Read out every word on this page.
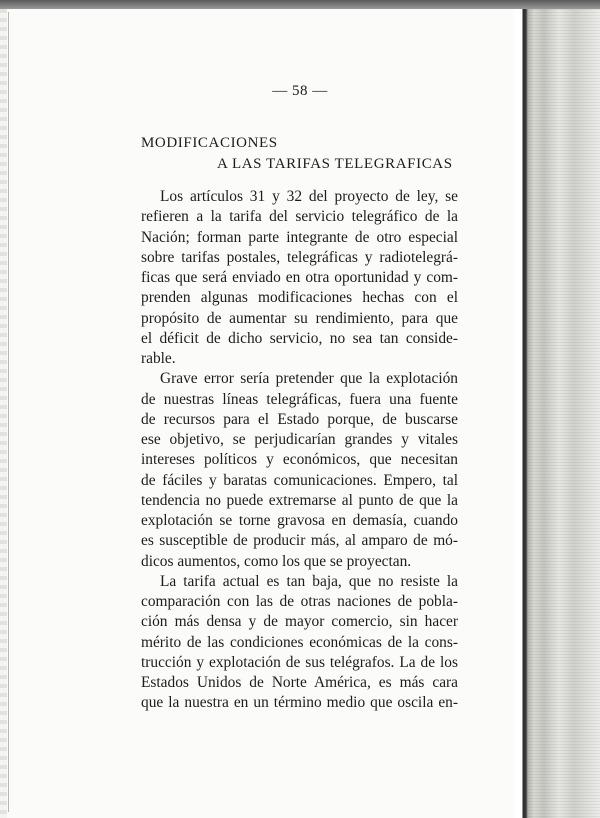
— 58 —
MODIFICACIONES
A LAS TARIFAS TELEGRAFICAS
Los artículos 31 y 32 del proyecto de ley, se
refieren a la tarifa del servicio telegráfico de la
Nación; forman parte integrante de otro especial
sobre tarifas postales, telegráficas y radiotelegrá-
ficas que será enviado en otra oportunidad y com-
prenden algunas modificaciones hechas con el
propósito de aumentar su rendimiento, para que
el déficit de dicho servicio, no sea tan conside-
rable.
Grave error sería pretender que la explotación
de nuestras líneas telegráficas, fuera una fuente
de recursos para el Estado porque, de buscarse
ese objetivo, se perjudicarían grandes y vitales
intereses políticos y económicos, que necesitan
de fáciles y baratas comunicaciones. Empero, tal
tendencia no puede extremarse al punto de que la
explotación se torne gravosa en demasía, cuando
es susceptible de producir más, al amparo de mó-
dicos aumentos, como los que se proyectan.
La tarifa actual es tan baja, que no resiste la
comparación con las de otras naciones de pobla-
ción más densa y de mayor comercio, sin hacer
mérito de las condiciones económicas de la cons-
trucción y explotación de sus telégrafos. La de los
Estados Unidos de Norte América, es más cara
que la nuestra en un término medio que oscila en-
